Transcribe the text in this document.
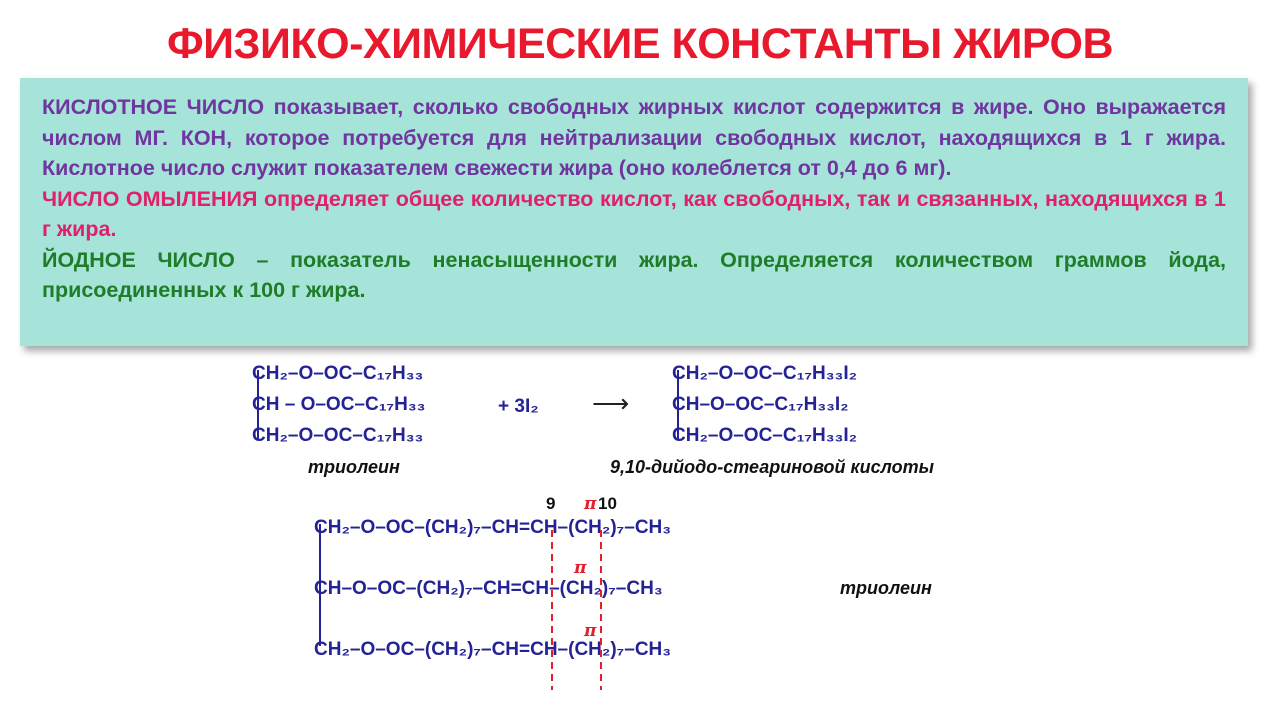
ФИЗИКО-ХИМИЧЕСКИЕ КОНСТАНТЫ ЖИРОВ

КИСЛОТНОЕ ЧИСЛО показывает, сколько свободных жирных кислот содержится в жире. Оно выражается числом МГ. КОН, которое потребуется для нейтрализации свободных кислот, находящихся в 1 г жира. Кислотное число служит показателем свежести жира (оно колеблется от 0,4 до 6 мг).

ЧИСЛО ОМЫЛЕНИЯ определяет общее количество кислот, как свободных, так и связанных, находящихся в 1 г жира.

ЙОДНОЕ ЧИСЛО – показатель ненасыщенности жира. Определяется количеством граммов йода, присоединенных к 100 г жира.

CH₂–O–OC–C₁₇H₃₃
CH – O–OC–C₁₇H₃₃
CH₂–O–OC–C₁₇H₃₃
+ 3I₂ ⟶
CH₂–O–OC–C₁₇H₃₃I₂
CH–O–OC–C₁₇H₃₃I₂
CH₂–O–OC–C₁₇H₃₃I₂
триолеин	9,10-дийодо-стеариновой кислоты
9 π 10
CH₂–O–OC–(CH₂)₇–CH=CH–(CH₂)₇–CH₃
π
CH–O–OC–(CH₂)₇–CH=CH–(CH₂)₇–CH₃
π
CH₂–O–OC–(CH₂)₇–CH=CH–(CH₂)₇–CH₃
триолеин
